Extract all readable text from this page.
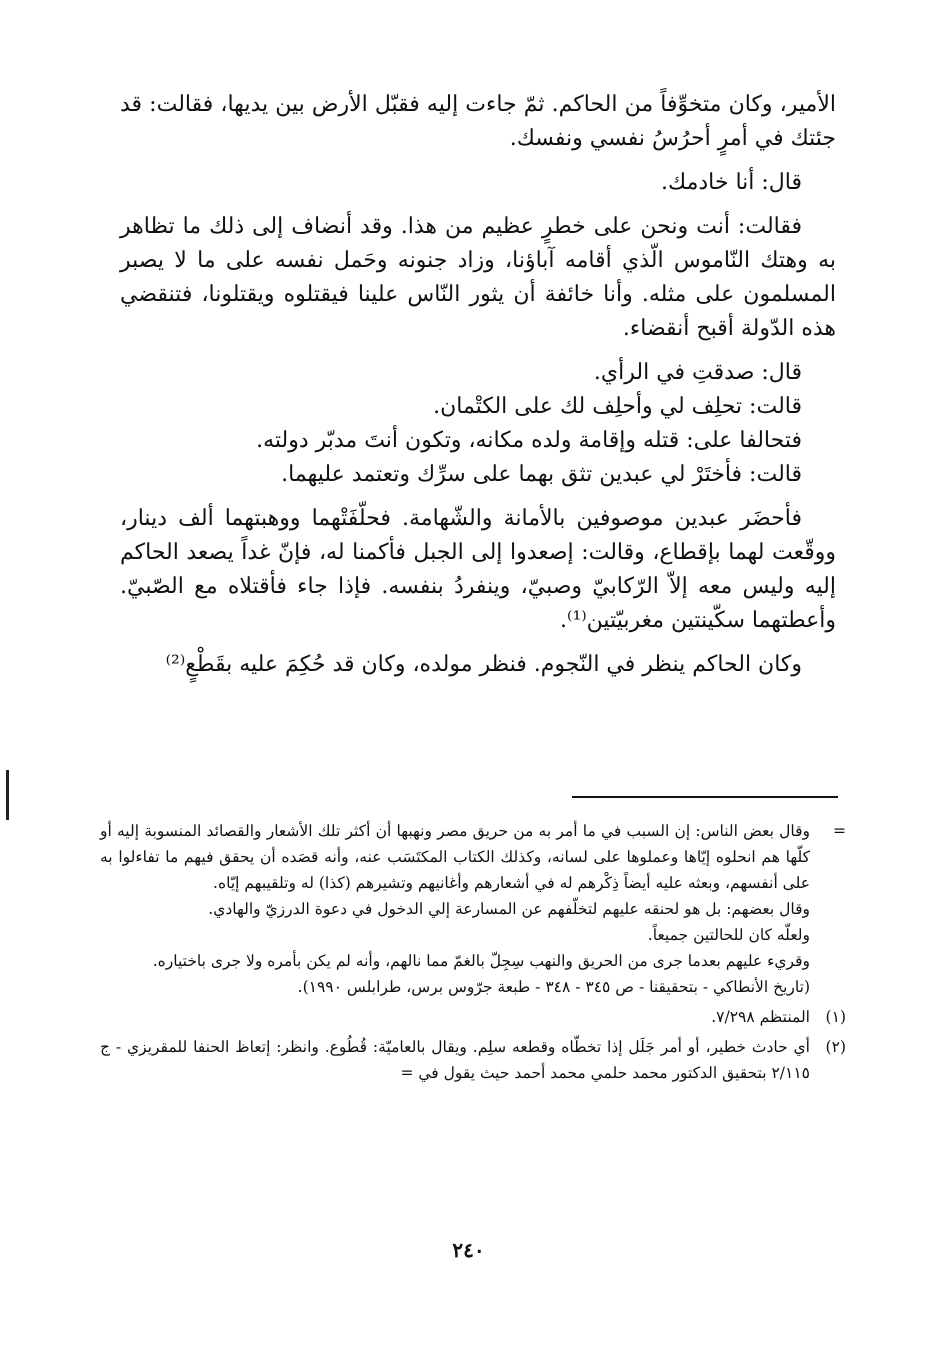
الأمير، وكان متخوِّفاً من الحاكم. ثمّ جاءت إليه فقبّل الأرض بين يديها، فقالت: قد جئتك في أمرٍ أحرُسُ نفسي ونفسك.

قال: أنا خادمك.

فقالت: أنت ونحن على خطرٍ عظيم من هذا. وقد أنضاف إلى ذلك ما تظاهر به وهتك النّاموس الّذي أقامه آباؤنا، وزاد جنونه وحَمل نفسه على ما لا يصبر المسلمون على مثله. وأنا خائفة أن يثور النّاس علينا فيقتلوه ويقتلونا، فتنقضي هذه الدّولة أقبح أنقضاء.

قال: صدقتِ في الرأي.

قالت: تحلِف لي وأحلِف لك على الكتْمان.

فتحالفا على: قتله وإقامة ولده مكانه، وتكون أنتَ مدبّر دولته.

قالت: فأختَرْ لي عبدين تثق بهما على سرِّك وتعتمد عليهما.

فأحضَر عبدين موصوفين بالأمانة والشّهامة. فحلّفَتْهما ووهبتهما ألف دينار، ووقّعت لهما بإقطاع، وقالت: إصعدوا إلى الجبل فأكمنا له، فإنّ غداً يصعد الحاكم إليه وليس معه إلاّ الرّكابيّ وصبيّ، وينفردُ بنفسه. فإذا جاء فأقتلاه مع الصّبيّ. وأعطتهما سكّينتين مغربيّتين⁽¹⁾.

وكان الحاكم ينظر في النّجوم. فنظر مولده، وكان قد حُكِمَ عليه بقَطْعٍ⁽²⁾

=
وقال بعض الناس: إن السبب في ما أمر به من حريق مصر ونهبها أن أكثر تلك الأشعار والقصائد المنسوبة إليه أو كلّها هم انحلوه إيّاها وعملوها على لسانه، وكذلك الكتاب المكتَسَب عنه، وأنه قصَده أن يحقق فيهم ما تفاءلوا به على أنفسهم، وبعثه عليه أيضاً ذِكْرهم له في أشعارهم وأغانيهم وتشيرهم (كذا) له وتلقيبهم إيّاه.
وقال بعضهم: بل هو لحنقه عليهم لتخلّفهم عن المسارعة إلي الدخول في دعوة الدرزيّ والهادي.
ولعلّه كان للحالتين جميعاً.
وقريء عليهم بعدما جرى من الحريق والنهب سِجِلّ بالغمّ مما نالهم، وأنه لم يكن بأمره ولا جرى باختياره.
(تاريخ الأنطاكي - بتحقيقنا - ص ٣٤٥ - ٣٤٨ - طبعة جرّوس برس، طرابلس ١٩٩٠).
(١)
المنتظم ٧/٢٩٨.
(٢)
أي حادث خطير، أو أمر جَلَل إذا تخطّاه وقطعه سلِم. ويقال بالعاميّة: قُطُوع. وانظر: إتعاظ الحنفا للمقريزي - ج ٢/١١٥ بتحقيق الدكتور محمد حلمي محمد أحمد حيث يقول في =
٢٤٠
